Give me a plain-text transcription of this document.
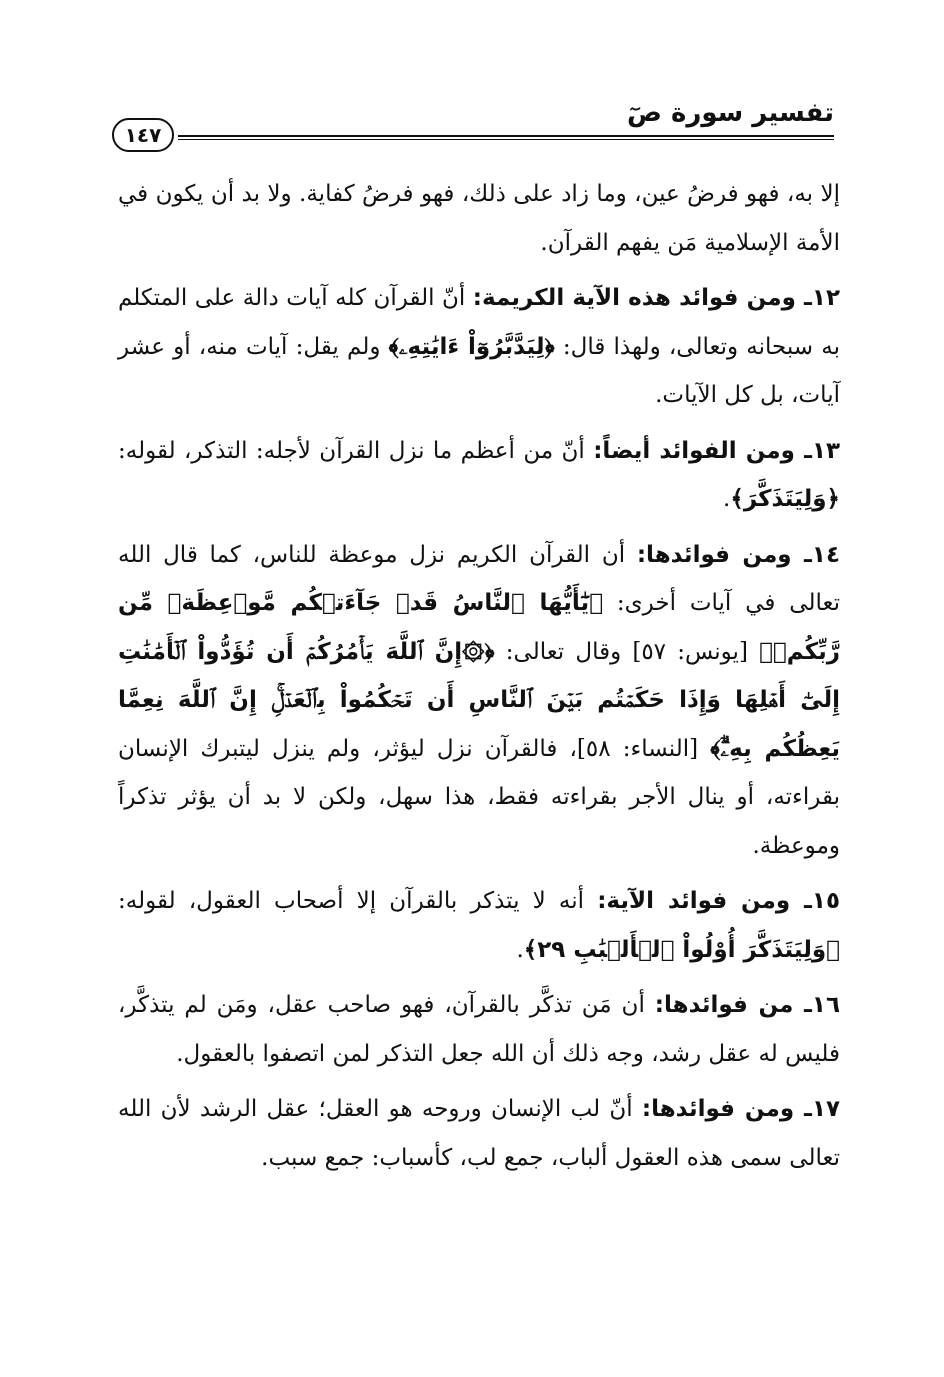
تفسير سورة صٓ
١٤٧

إلا به، فهو فرضُ عين، وما زاد على ذلك، فهو فرضُ كفاية. ولا بد أن يكون في الأمة الإسلامية مَن يفهم القرآن.

١٢ـ ومن فوائد هذه الآية الكريمة: أنّ القرآن كله آيات دالة على المتكلم به سبحانه وتعالى، ولهذا قال: ﴿لِيَدَّبَّرُوٓاْ ءَايَٰتِهِۦ﴾ ولم يقل: آيات منه، أو عشر آيات، بل كل الآيات.

١٣ـ ومن الفوائد أيضاً: أنّ من أعظم ما نزل القرآن لأجله: التذكر، لقوله: ﴿وَلِيَتَذَكَّرَ﴾.

١٤ـ ومن فوائدها: أن القرآن الكريم نزل موعظة للناس، كما قال الله تعالى في آيات أخرى: ﴿يَٰٓأَيُّهَا ٱلنَّاسُ قَدۡ جَآءَتۡكُم مَّوۡعِظَةٞ مِّن رَّبِّكُمۡ﴾ [يونس: ٥٧] وقال تعالى: ﴿۞إِنَّ ٱللَّهَ يَأۡمُرُكُمۡ أَن تُؤَدُّواْ ٱلۡأَمَٰنَٰتِ إِلَىٰٓ أَهۡلِهَا وَإِذَا حَكَمۡتُم بَيۡنَ ٱلنَّاسِ أَن تَحۡكُمُواْ بِٱلۡعَدۡلِۚ إِنَّ ٱللَّهَ نِعِمَّا يَعِظُكُم بِهِۦٓۗ﴾ [النساء: ٥٨]، فالقرآن نزل ليؤثر، ولم ينزل ليتبرك الإنسان بقراءته، أو ينال الأجر بقراءته فقط، هذا سهل، ولكن لا بد أن يؤثر تذكراً وموعظة.

١٥ـ ومن فوائد الآية: أنه لا يتذكر بالقرآن إلا أصحاب العقول، لقوله: ﴿وَلِيَتَذَكَّرَ أُوْلُواْ ٱلۡأَلۡبَٰبِ ٢٩﴾.

١٦ـ من فوائدها: أن مَن تذكَّر بالقرآن، فهو صاحب عقل، ومَن لم يتذكَّر، فليس له عقل رشد، وجه ذلك أن الله جعل التذكر لمن اتصفوا بالعقول.

١٧ـ ومن فوائدها: أنّ لب الإنسان وروحه هو العقل؛ عقل الرشد لأن الله تعالى سمى هذه العقول ألباب، جمع لب، كأسباب: جمع سبب.
